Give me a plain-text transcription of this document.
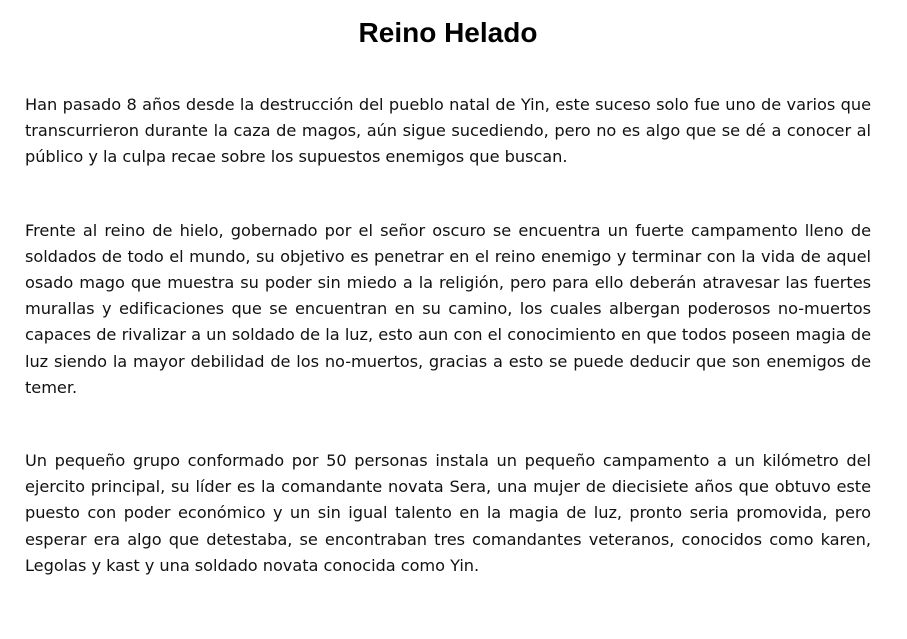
Reino Helado

Han pasado 8 años desde la destrucción del pueblo natal de Yin, este suceso solo fue uno de varios que transcurrieron durante la caza de magos, aún sigue sucediendo, pero no es algo que se dé a conocer al público y la culpa recae sobre los supuestos enemigos que buscan.

Frente al reino de hielo, gobernado por el señor oscuro se encuentra un fuerte campamento lleno de soldados de todo el mundo, su objetivo es penetrar en el reino enemigo y terminar con la vida de aquel osado mago que muestra su poder sin miedo a la religión, pero para ello deberán atravesar las fuertes murallas y edificaciones que se encuentran en su camino, los cuales albergan poderosos no-muertos capaces de rivalizar a un soldado de la luz, esto aun con el conocimiento en que todos poseen magia de luz siendo la mayor debilidad de los no-muertos, gracias a esto se puede deducir que son enemigos de temer.

Un pequeño grupo conformado por 50 personas instala un pequeño campamento a un kilómetro del ejercito principal, su líder es la comandante novata Sera, una mujer de diecisiete años que obtuvo este puesto con poder económico y un sin igual talento en la magia de luz, pronto seria promovida, pero esperar era algo que detestaba, se encontraban tres comandantes veteranos, conocidos como karen, Legolas y kast y una soldado novata conocida como Yin.
